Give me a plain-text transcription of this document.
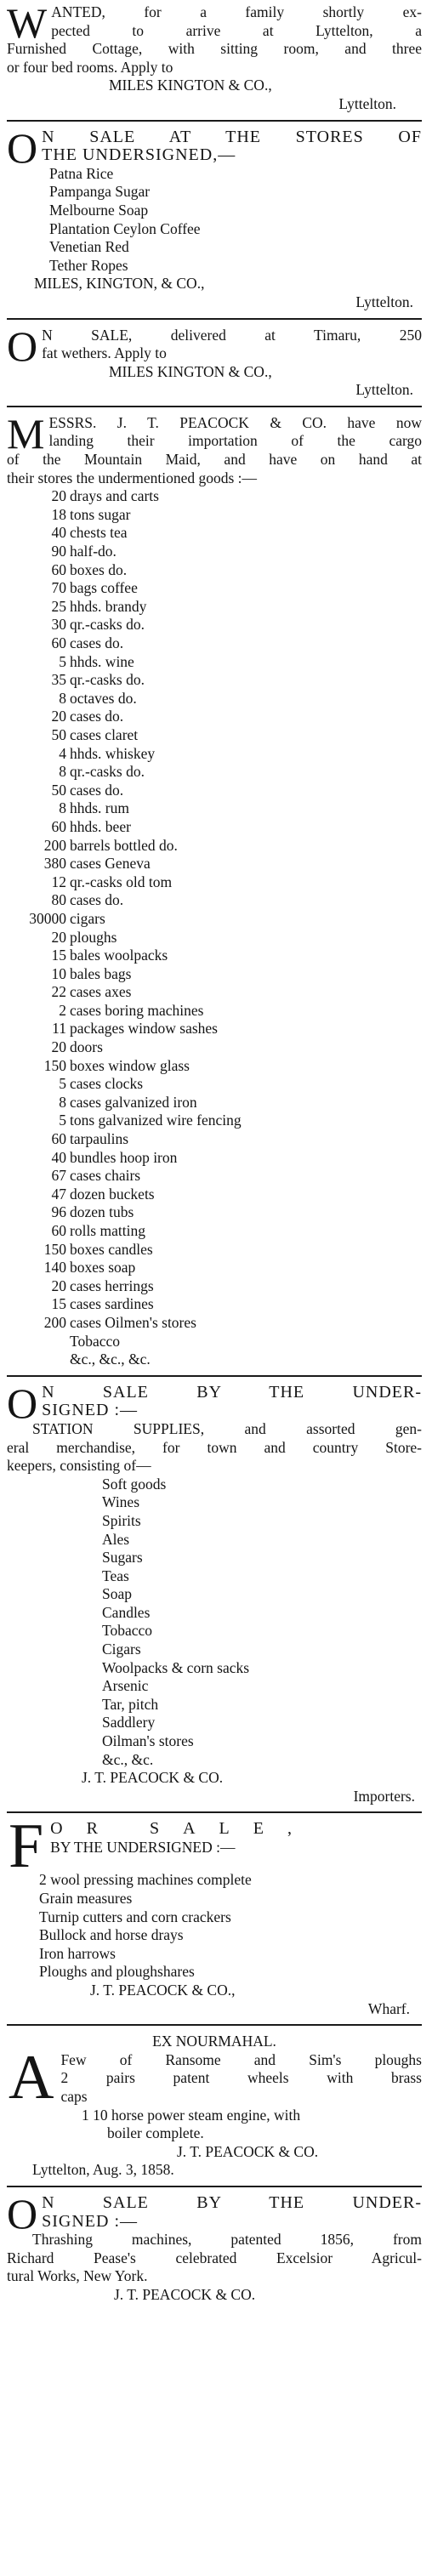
W ANTED, for a family shortly ex-
pected to arrive at Lyttelton, a
Furnished Cottage, with sitting room, and three
or four bed rooms. Apply to
MILES KINGTON & CO.,
Lyttelton.
O N SALE AT THE STORES OF
THE UNDERSIGNED,—
Patna Rice
Pampanga Sugar
Melbourne Soap
Plantation Ceylon Coffee
Venetian Red
Tether Ropes
MILES, KINGTON, & CO.,
Lyttelton.
O N SALE, delivered at Timaru, 250
fat wethers. Apply to
MILES KINGTON & CO.,
Lyttelton.
M ESSRS. J. T. PEACOCK & CO. have now
landing their importation of the cargo
of the Mountain Maid, and have on hand at
their stores the undermentioned goods :—
20 drays and carts
18 tons sugar
40 chests tea
90 half-do.
60 boxes do.
70 bags coffee
25 hhds. brandy
30 qr.-casks do.
60 cases do.
5 hhds. wine
35 qr.-casks do.
8 octaves do.
20 cases do.
50 cases claret
4 hhds. whiskey
8 qr.-casks do.
50 cases do.
8 hhds. rum
60 hhds. beer
200 barrels bottled do.
380 cases Geneva
12 qr.-casks old tom
80 cases do.
30000 cigars
20 ploughs
15 bales woolpacks
10 bales bags
22 cases axes
2 cases boring machines
11 packages window sashes
20 doors
150 boxes window glass
5 cases clocks
8 cases galvanized iron
5 tons galvanized wire fencing
60 tarpaulins
40 bundles hoop iron
67 cases chairs
47 dozen buckets
96 dozen tubs
60 rolls matting
150 boxes candles
140 boxes soap
20 cases herrings
15 cases sardines
200 cases Oilmen's stores
Tobacco
&c., &c., &c.
O N SALE BY THE UNDER-
SIGNED :—
STATION SUPPLIES, and assorted gen-
eral merchandise, for town and country Store-
keepers, consisting of—
Soft goods
Wines
Spirits
Ales
Sugars
Teas
Soap
Candles
Tobacco
Cigars
Woolpacks & corn sacks
Arsenic
Tar, pitch
Saddlery
Oilman's stores
&c., &c.
J. T. PEACOCK & CO.
Importers.
F OR SALE,
BY THE UNDERSIGNED :—
2 wool pressing machines complete
Grain measures
Turnip cutters and corn crackers
Bullock and horse drays
Iron harrows
Ploughs and ploughshares
J. T. PEACOCK & CO.,
Wharf.
EX NOURMAHAL.
A Few of Ransome and Sim's ploughs
2 pairs patent wheels with brass
caps
1 10 horse power steam engine, with
boiler complete.
J. T. PEACOCK & CO.
Lyttelton, Aug. 3, 1858.
O N SALE BY THE UNDER-
SIGNED :—
Thrashing machines, patented 1856, from
Richard Pease's celebrated Excelsior Agricul-
tural Works, New York.
J. T. PEACOCK & CO.
